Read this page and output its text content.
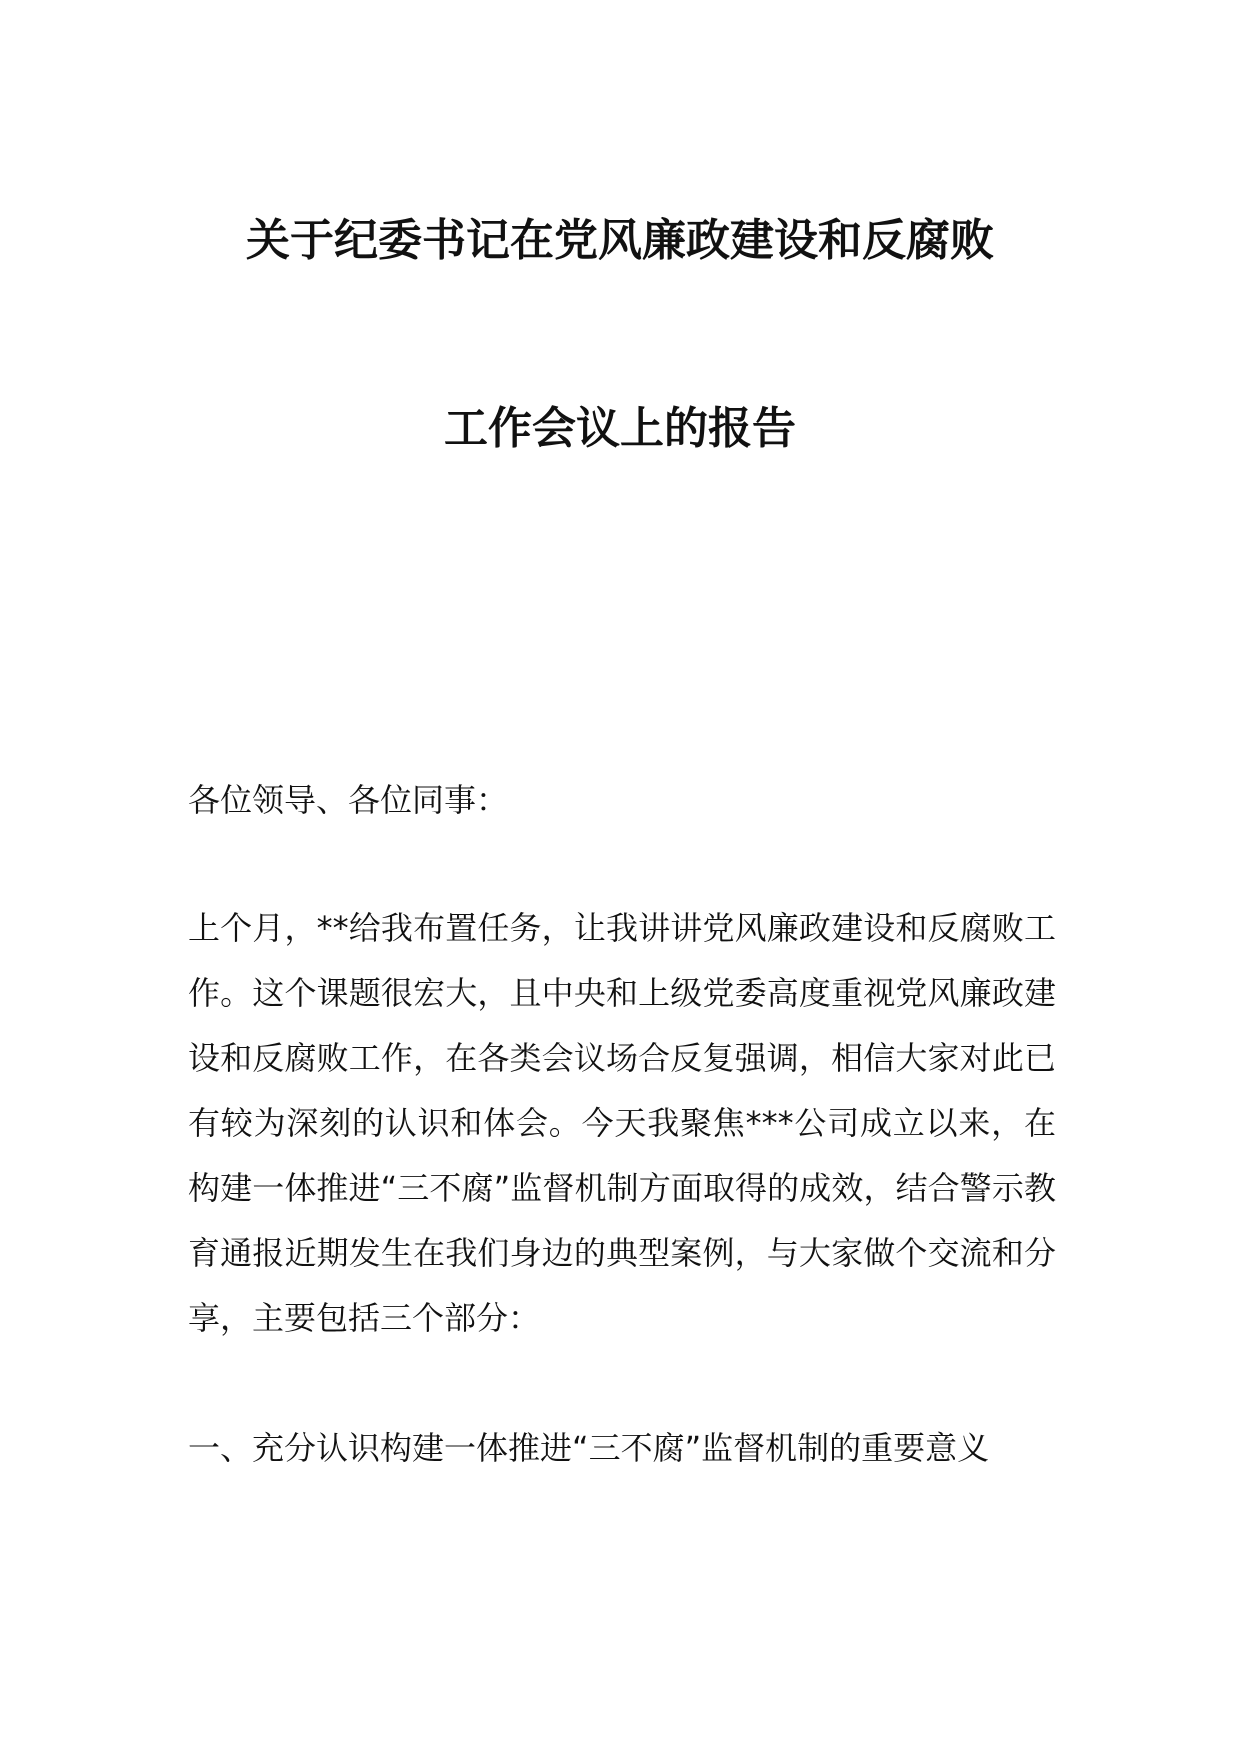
关于纪委书记在党风廉政建设和反腐败
工作会议上的报告
各位领导、各位同事：
上个月，**给我布置任务，让我讲讲党风廉政建设和反腐败工作。这个课题很宏大，且中央和上级党委高度重视党风廉政建设和反腐败工作，在各类会议场合反复强调，相信大家对此已有较为深刻的认识和体会。今天我聚焦***公司成立以来，在构建一体推进“三不腐”监督机制方面取得的成效，结合警示教育通报近期发生在我们身边的典型案例，与大家做个交流和分享，主要包括三个部分：
一、充分认识构建一体推进“三不腐”监督机制的重要意义
